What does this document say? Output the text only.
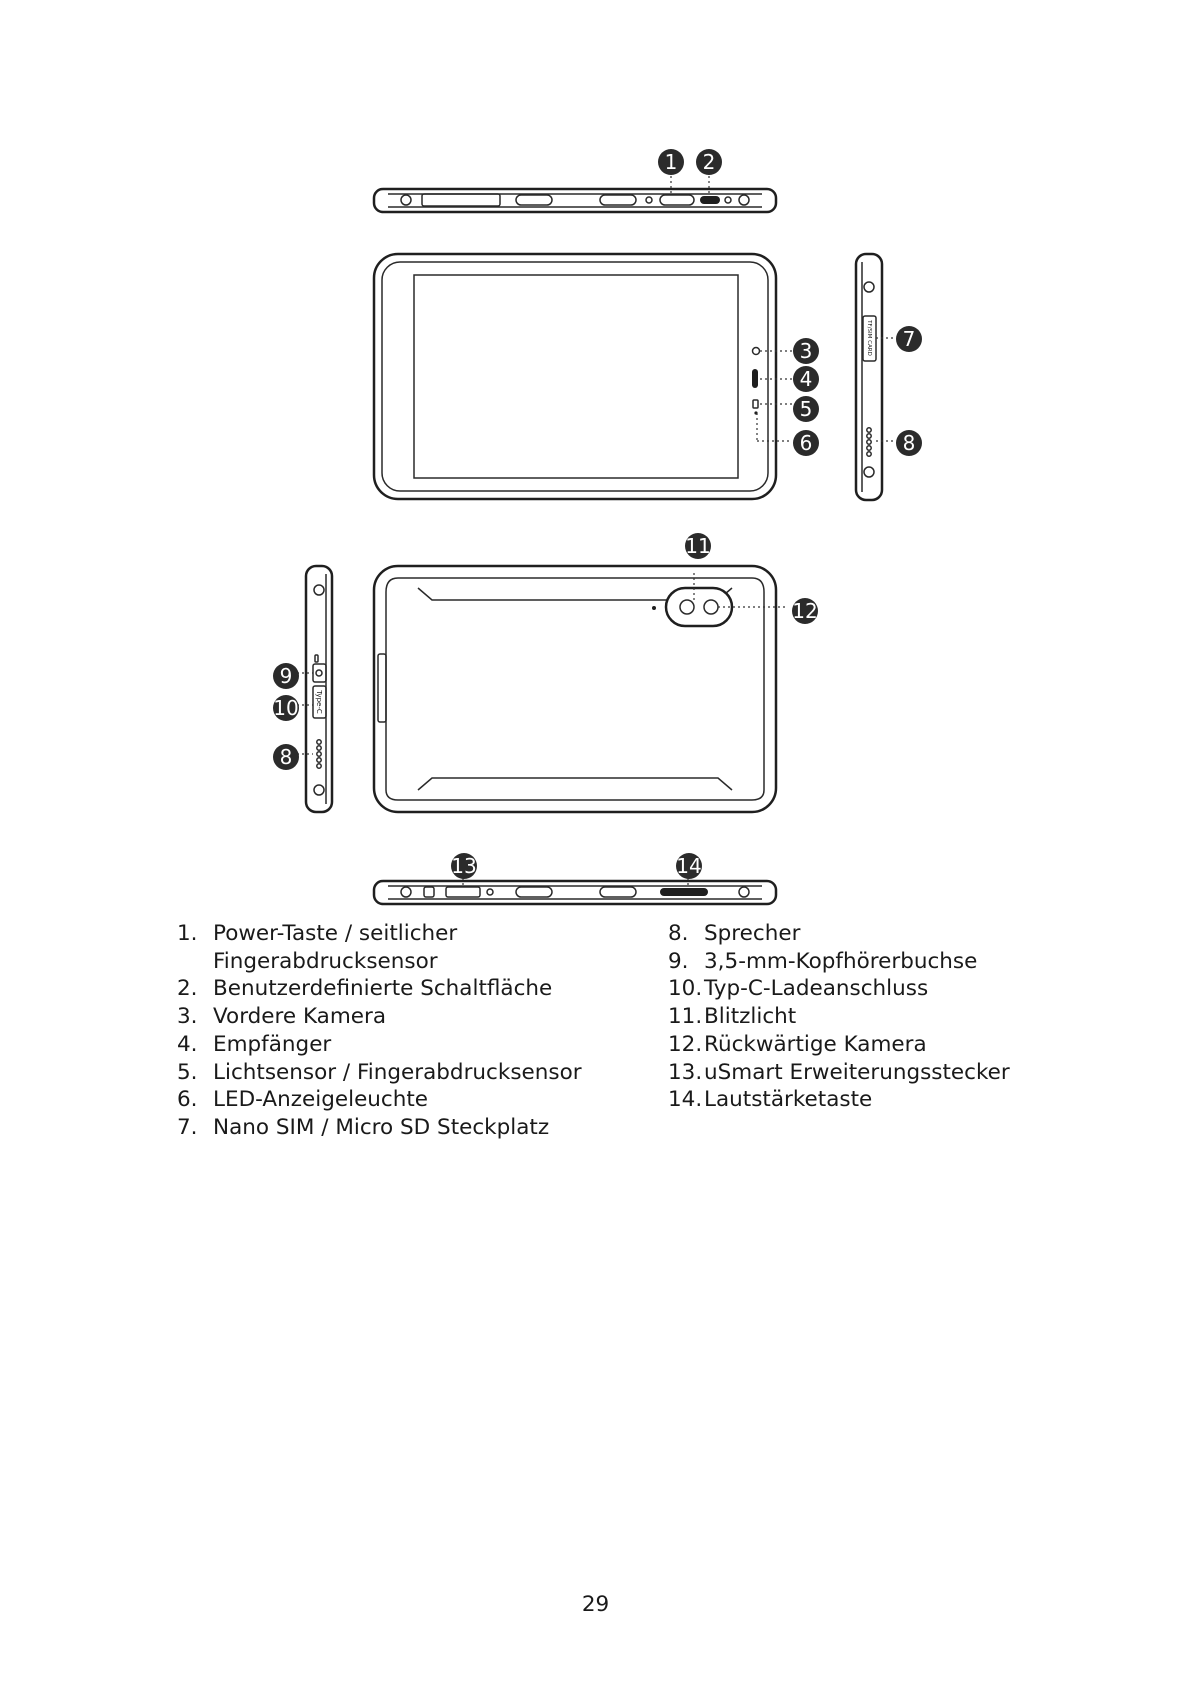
TF/SIM CARD
Type-C
1 2
3
4
5
6
7
8
9
10
8
11
12
13	14
1. Power-Taste / seitlicher Fingerabdrucksensor
2. Benutzerdefinierte Schaltfläche
3. Vordere Kamera
4. Empfänger
5. Lichtsensor / Fingerabdrucksensor
6. LED-Anzeigeleuchte
7. Nano SIM / Micro SD Steckplatz
8. Sprecher
9. 3,5-mm-Kopfhörerbuchse
10. Typ-C-Ladeanschluss
11. Blitzlicht
12. Rückwärtige Kamera
13. uSmart Erweiterungsstecker
14. Lautstärketaste
29
